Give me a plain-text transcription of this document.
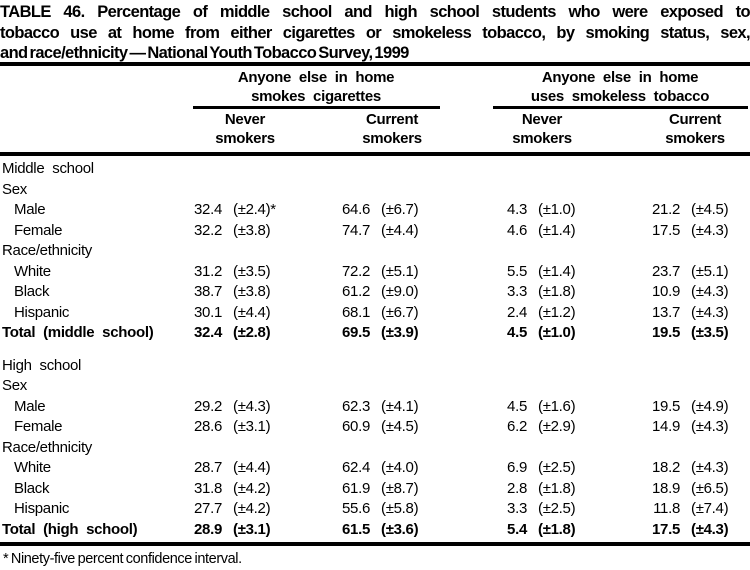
TABLE 46. Percentage of middle school and high school students who were exposed to
tobacco use at home from either cigarettes or smokeless tobacco, by smoking status, sex,
and race/ethnicity — National Youth Tobacco Survey, 1999
Anyone else in home
smokes cigarettes
Anyone else in home
uses smokeless tobacco
Never smokers
Current smokers
Never smokers
Current smokers
Middle school
Sex
Male	32.4 (±2.4)*	64.6 (±6.7)	4.3 (±1.0)	21.2 (±4.5)
Female	32.2 (±3.8)	74.7 (±4.4)	4.6 (±1.4)	17.5 (±4.3)
Race/ethnicity
White	31.2 (±3.5)	72.2 (±5.1)	5.5 (±1.4)	23.7 (±5.1)
Black	38.7 (±3.8)	61.2 (±9.0)	3.3 (±1.8)	10.9 (±4.3)
Hispanic	30.1 (±4.4)	68.1 (±6.7)	2.4 (±1.2)	13.7 (±4.3)
Total (middle school)	32.4 (±2.8)	69.5 (±3.9)	4.5 (±1.0)	19.5 (±3.5)
High school
Sex
Male	29.2 (±4.3)	62.3 (±4.1)	4.5 (±1.6)	19.5 (±4.9)
Female	28.6 (±3.1)	60.9 (±4.5)	6.2 (±2.9)	14.9 (±4.3)
Race/ethnicity
White	28.7 (±4.4)	62.4 (±4.0)	6.9 (±2.5)	18.2 (±4.3)
Black	31.8 (±4.2)	61.9 (±8.7)	2.8 (±1.8)	18.9 (±6.5)
Hispanic	27.7 (±4.2)	55.6 (±5.8)	3.3 (±2.5)	11.8 (±7.4)
Total (high school)	28.9 (±3.1)	61.5 (±3.6)	5.4 (±1.8)	17.5 (±4.3)
* Ninety-five percent confidence interval.
